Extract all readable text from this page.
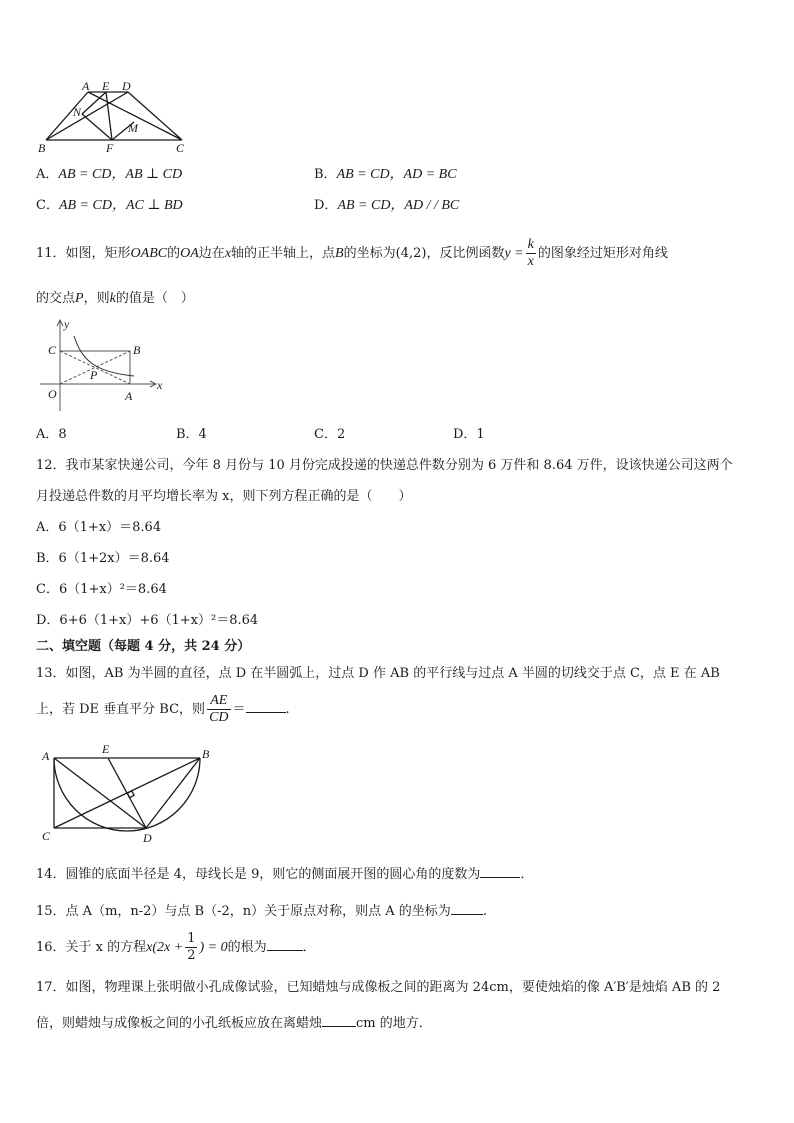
A E D
N
M
B	F	C
A．AB = CD，AB ⊥ CD	B．AB = CD，AD = BC
C．AB = CD，AC ⊥ BD	D．AB = CD，AD / / BC
11．如图，矩形OABC的OA边在x轴的正半轴上，点B的坐标为(4,2)，反比例函数$y = \frac{k}{x}$ 的图象经过矩形对角线
的交点P，则k的值是（　）
y
C	B
P
O	A
x
A．8	B．4	C．2	D．1
12．我市某家快递公司，今年 8 月份与 10 月份完成投递的快递总件数分别为 6 万件和 8.64 万件，设该快递公司这两个
月投递总件数的月平均增长率为 x，则下列方程正确的是（　　）
A．6（1+x）＝8.64
B．6（1+2x）＝8.64
C．6（1+x）²＝8.64
D．6+6（1+x）+6（1+x）²＝8.64
二、填空题（每题 4 分，共 24 分）
13．如图，AB 为半圆的直径，点 D 在半圆弧上，过点 D 作 AB 的平行线与过点 A 半圆的切线交于点 C，点 E 在 AB
上，若 DE 垂直平分 BC，则 $\frac{AE}{CD}$ ＝	.
A	E	B
C	D
14．圆锥的底面半径是 4，母线长是 9，则它的侧面展开图的圆心角的度数为	．
15．点 A（m，n-2）与点 B（-2，n）关于原点对称，则点 A 的坐标为 .
16．关于 x 的方程$x(2x + \frac{1}{2}$ ) = 0的根为	．
17．如图，物理课上张明做小孔成像试验，已知蜡烛与成像板之间的距离为 24cm，要使烛焰的像 A′B′是烛焰 AB 的 2
倍，则蜡烛与成像板之间的小孔纸板应放在离蜡烛	cm 的地方．
